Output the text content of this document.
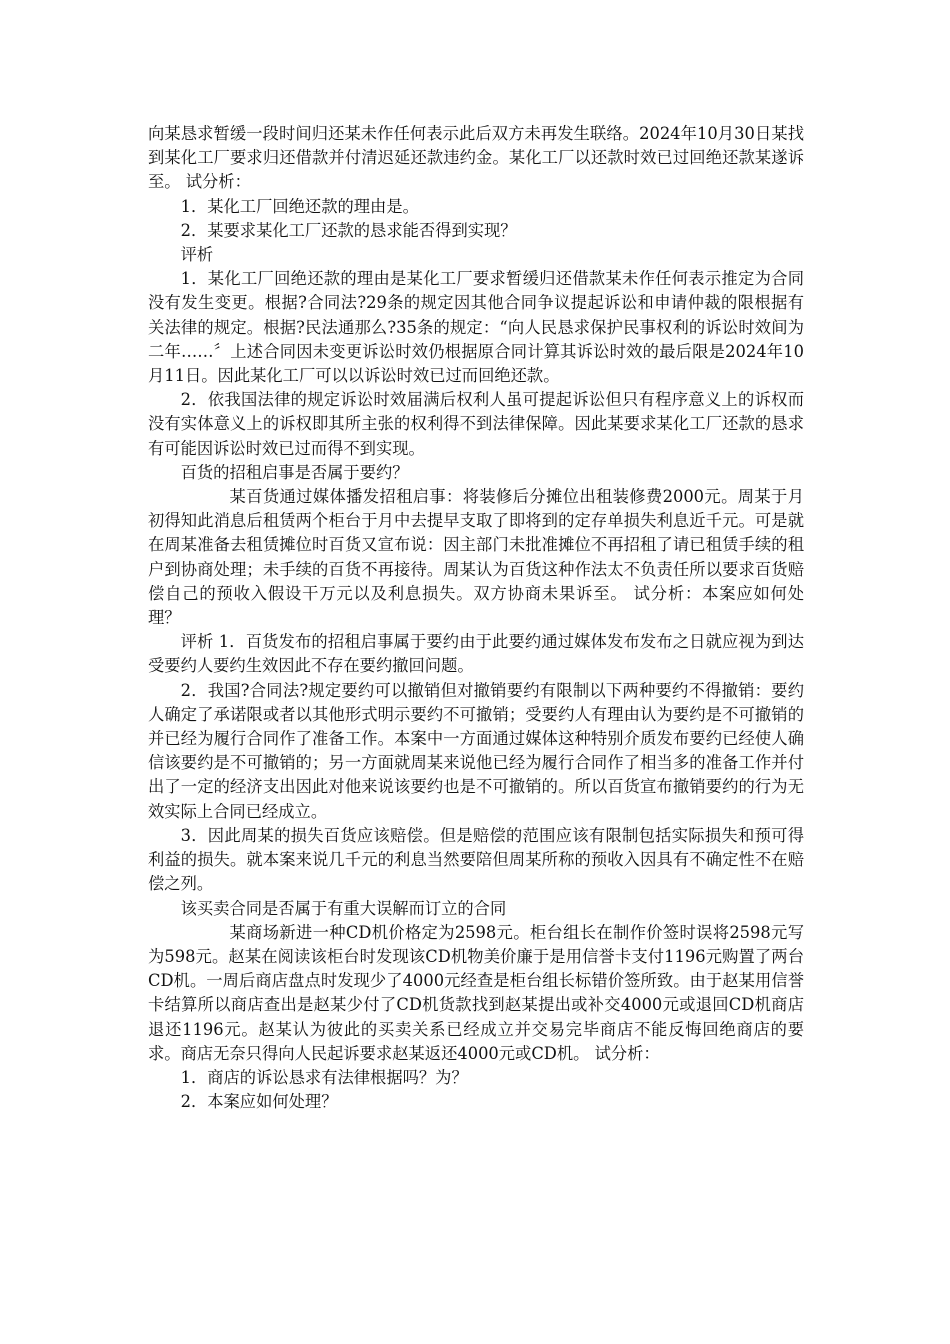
向某恳求暂缓一段时间归还某未作任何表示此后双方未再发生联络。2024年10月30日某找到某化工厂要求归还借款并付清迟延还款违约金。某化工厂以还款时效已过回绝还款某遂诉至。 试分析：

1．某化工厂回绝还款的理由是。

2．某要求某化工厂还款的恳求能否得到实现？

评析

1．某化工厂回绝还款的理由是某化工厂要求暂缓归还借款某未作任何表示推定为合同没有发生变更。根据?合同法?29条的规定因其他合同争议提起诉讼和申请仲裁的限根据有关法律的规定。根据?民法通那么?35条的规定：“向人民恳求保护民事权利的诉讼时效间为二年……〞上述合同因未变更诉讼时效仍根据原合同计算其诉讼时效的最后限是2024年10月11日。因此某化工厂可以以诉讼时效已过而回绝还款。

2．依我国法律的规定诉讼时效届满后权利人虽可提起诉讼但只有程序意义上的诉权而没有实体意义上的诉权即其所主张的权利得不到法律保障。因此某要求某化工厂还款的恳求有可能因诉讼时效已过而得不到实现。

百货的招租启事是否属于要约？

某百货通过媒体播发招租启事：将装修后分摊位出租装修费2000元。周某于月初得知此消息后租赁两个柜台于月中去提早支取了即将到的定存单损失利息近千元。可是就在周某准备去租赁摊位时百货又宣布说：因主部门未批准摊位不再招租了请已租赁手续的租户到协商处理；未手续的百货不再接待。周某认为百货这种作法太不负责任所以要求百货赔偿自己的预收入假设干万元以及利息损失。双方协商未果诉至。 试分析：本案应如何处理？

评析 1．百货发布的招租启事属于要约由于此要约通过媒体发布发布之日就应视为到达受要约人要约生效因此不存在要约撤回问题。

2．我国?合同法?规定要约可以撤销但对撤销要约有限制以下两种要约不得撤销：要约人确定了承诺限或者以其他形式明示要约不可撤销；受要约人有理由认为要约是不可撤销的并已经为履行合同作了准备工作。本案中一方面通过媒体这种特别介质发布要约已经使人确信该要约是不可撤销的；另一方面就周某来说他已经为履行合同作了相当多的准备工作并付出了一定的经济支出因此对他来说该要约也是不可撤销的。所以百货宣布撤销要约的行为无效实际上合同已经成立。

3．因此周某的损失百货应该赔偿。但是赔偿的范围应该有限制包括实际损失和预可得利益的损失。就本案来说几千元的利息当然要陪但周某所称的预收入因具有不确定性不在赔偿之列。

该买卖合同是否属于有重大误解而订立的合同

某商场新进一种CD机价格定为2598元。柜台组长在制作价签时误将2598元写为598元。赵某在阅读该柜台时发现该CD机物美价廉于是用信誉卡支付1196元购置了两台CD机。一周后商店盘点时发现少了4000元经查是柜台组长标错价签所致。由于赵某用信誉卡结算所以商店查出是赵某少付了CD机货款找到赵某提出或补交4000元或退回CD机商店退还1196元。赵某认为彼此的买卖关系已经成立并交易完毕商店不能反悔回绝商店的要求。商店无奈只得向人民起诉要求赵某返还4000元或CD机。 试分析：

1．商店的诉讼恳求有法律根据吗？为？

2．本案应如何处理？
